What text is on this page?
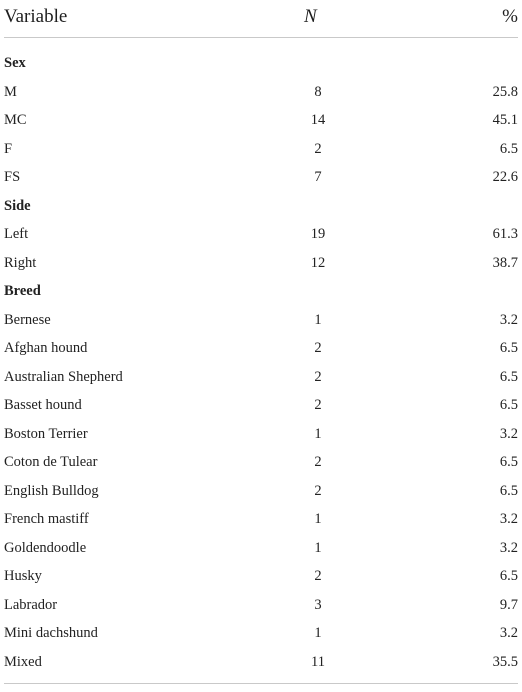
Variable	N	%
Sex
M	8	25.8
MC	14	45.1
F	2	6.5
FS	7	22.6
Side
Left	19	61.3
Right	12	38.7
Breed
Bernese	1	3.2
Afghan hound	2	6.5
Australian Shepherd	2	6.5
Basset hound	2	6.5
Boston Terrier	1	3.2
Coton de Tulear	2	6.5
English Bulldog	2	6.5
French mastiff	1	3.2
Goldendoodle	1	3.2
Husky	2	6.5
Labrador	3	9.7
Mini dachshund	1	3.2
Mixed	11	35.5
